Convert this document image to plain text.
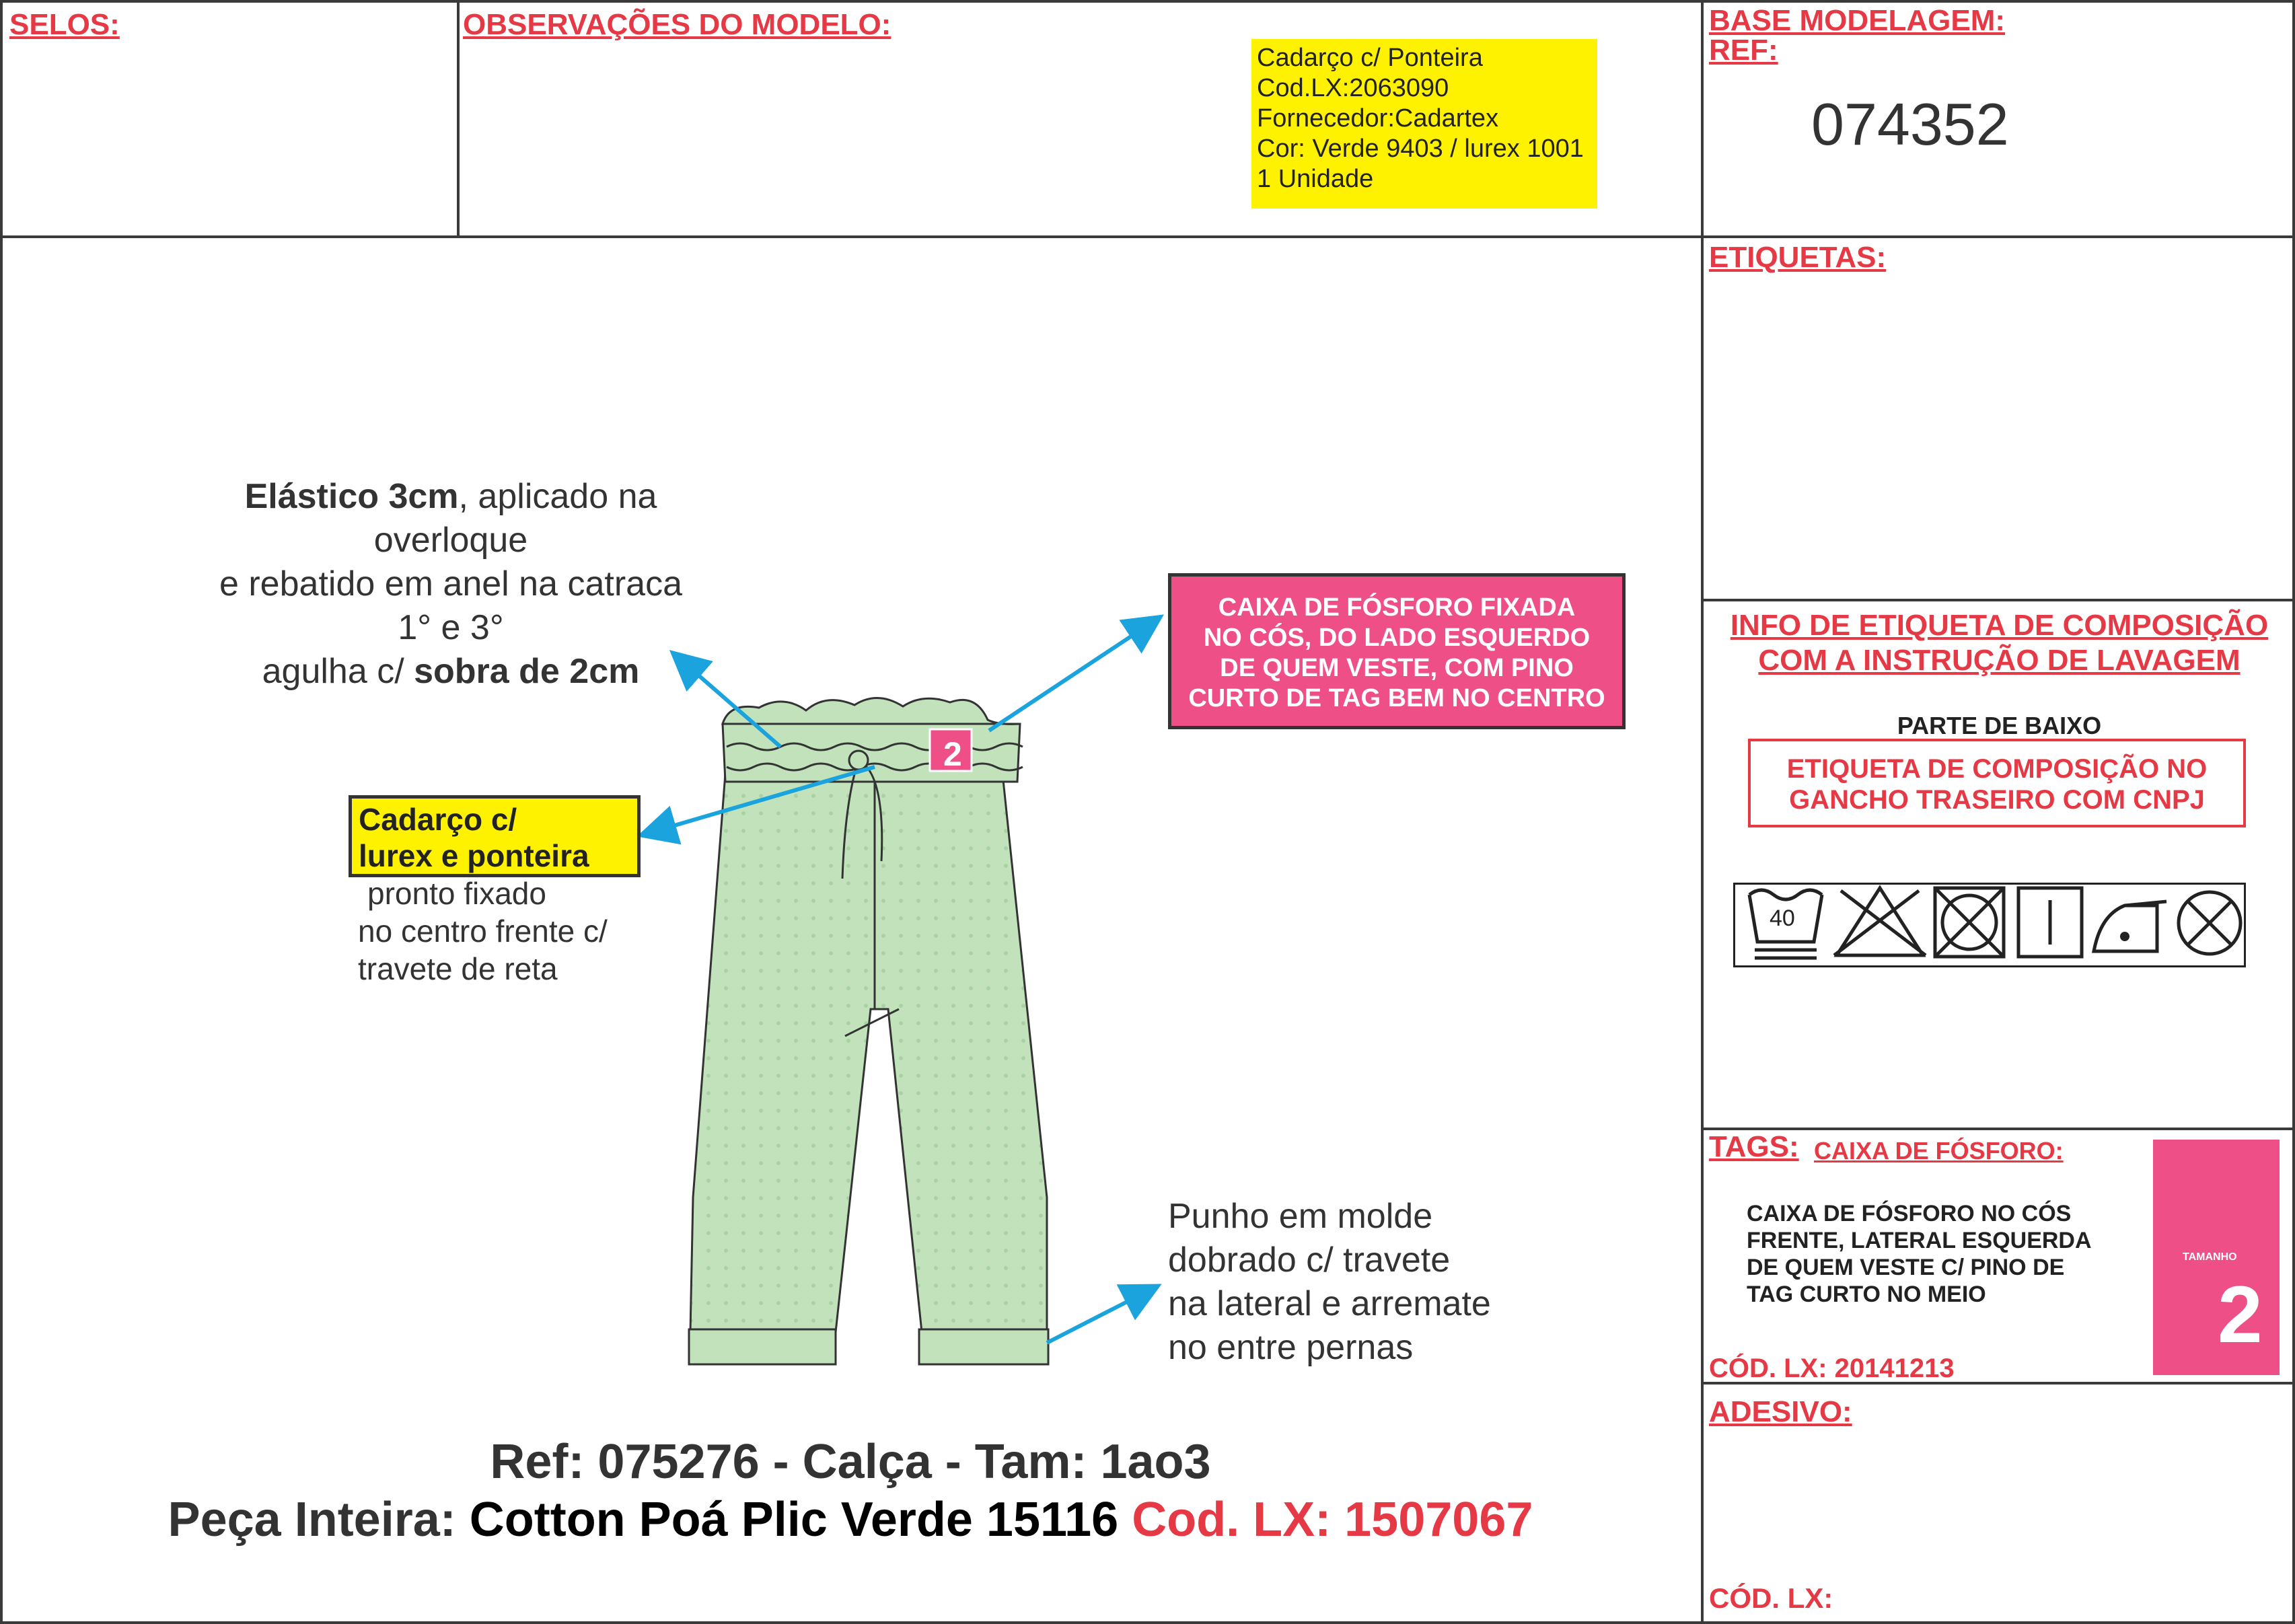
SELOS:	OBSERVAÇÕES DO MODELO:	BASE MODELAGEM:
REF:
074352
Cadarço c/ Ponteira
Cod.LX:2063090
Fornecedor:Cadartex
Cor: Verde 9403 / lurex 1001
1 Unidade
ETIQUETAS:
INFO DE ETIQUETA DE COMPOSIÇÃO
COM A INSTRUÇÃO DE LAVAGEM
PARTE DE BAIXO
ETIQUETA DE COMPOSIÇÃO NO
GANCHO TRASEIRO COM CNPJ
40
TAGS: CAIXA DE FÓSFORO:
CAIXA DE FÓSFORO NO CÓS
FRENTE, LATERAL ESQUERDA
DE QUEM VESTE C/ PINO DE
TAG CURTO NO MEIO
CÓD. LX: 20141213
TAMANHO
2
ADESIVO:
CÓD. LX:
2
Elástico 3cm, aplicado na overloque
e rebatido em anel na catraca 1° e 3°
agulha c/ sobra de 2cm
CAIXA DE FÓSFORO FIXADA
NO CÓS, DO LADO ESQUERDO
DE QUEM VESTE, COM PINO
CURTO DE TAG BEM NO CENTRO
Cadarço c/
lurex e ponteira
pronto fixado
no centro frente c/
travete de reta
Punho em molde
dobrado c/ travete
na lateral e arremate
no entre pernas
Ref: 075276 - Calça - Tam: 1ao3
Peça Inteira: Cotton Poá Plic Verde 15116 Cod. LX: 1507067
